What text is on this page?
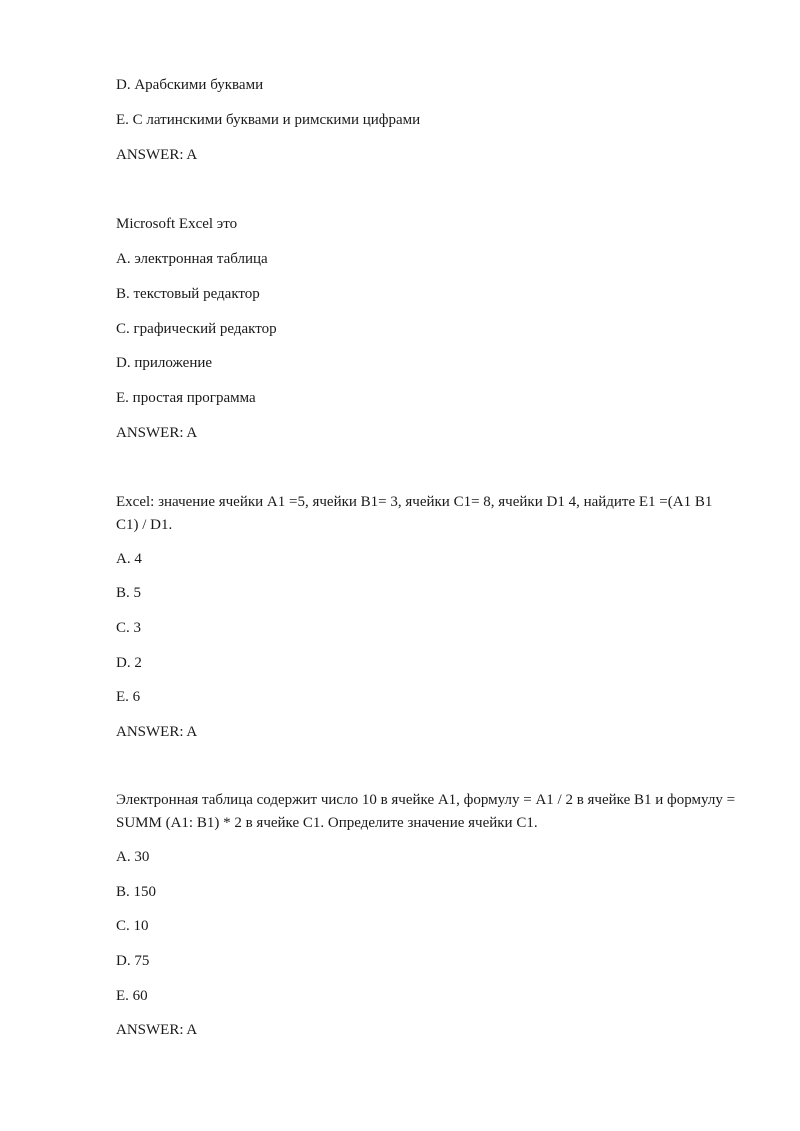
D. Арабскими буквами
E. С латинскими буквами и римскими цифрами
ANSWER: A
Microsoft Excel это
A. электронная таблица
B. текстовый редактор
C. графический редактор
D. приложение
E. простая программа
ANSWER: A
Excel: значение ячейки A1 =5, ячейки B1= 3, ячейки C1= 8, ячейки D1 4, найдите E1 =(A1 B1 C1) / D1.
A. 4
B. 5
C. 3
D. 2
E. 6
ANSWER: A
Электронная таблица содержит число 10 в ячейке A1, формулу = A1 / 2 в ячейке B1 и формулу = SUMM (A1: B1) * 2 в ячейке C1. Определите значение ячейки C1.
A. 30
B. 150
C. 10
D. 75
E. 60
ANSWER: A
